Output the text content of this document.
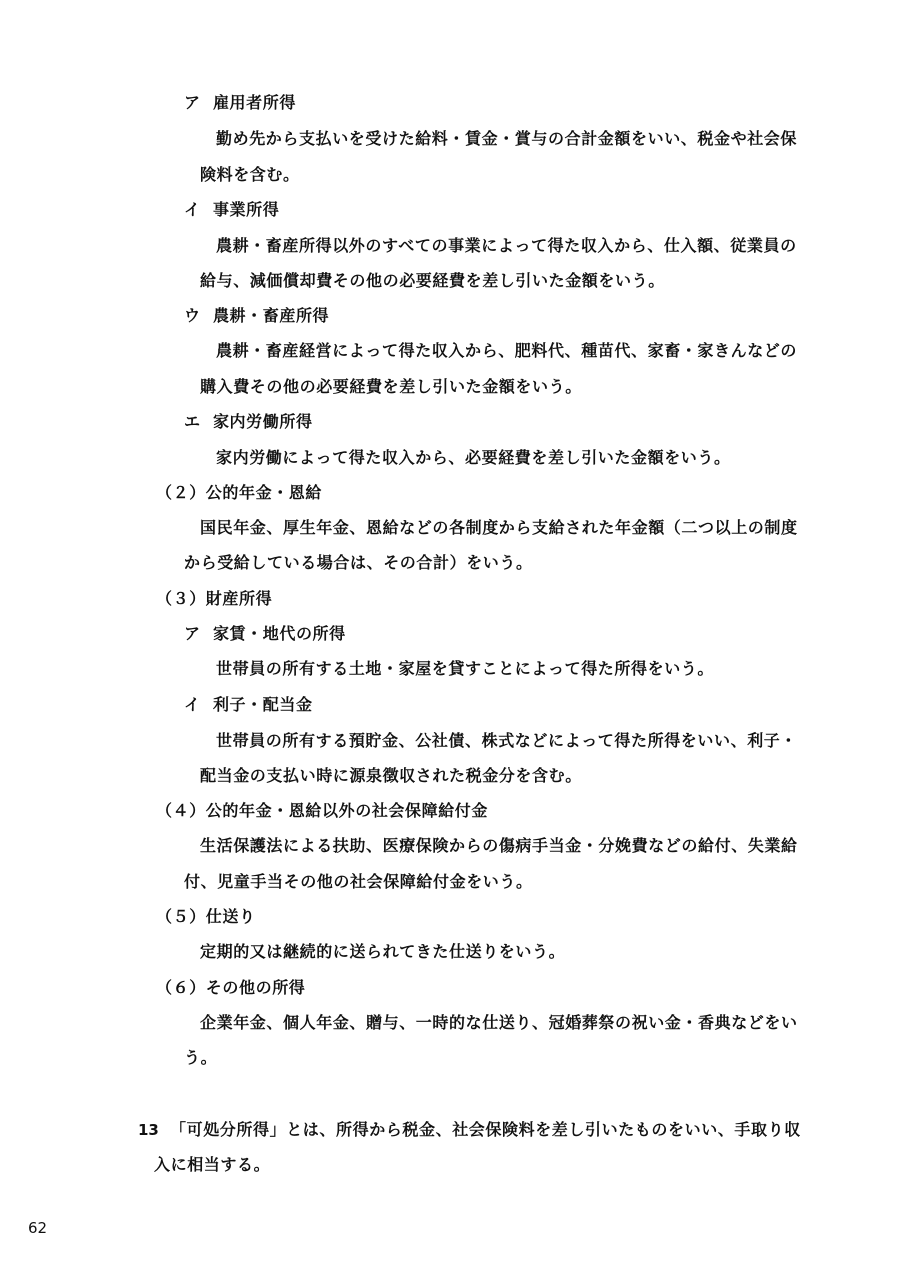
ア 雇用者所得
勤め先から支払いを受けた給料・賃金・賞与の合計金額をいい、税金や社会保
険料を含む。
イ 事業所得
農耕・畜産所得以外のすべての事業によって得た収入から、仕入額、従業員の
給与、減価償却費その他の必要経費を差し引いた金額をいう。
ウ 農耕・畜産所得
農耕・畜産経営によって得た収入から、肥料代、種苗代、家畜・家きんなどの
購入費その他の必要経費を差し引いた金額をいう。
エ 家内労働所得
家内労働によって得た収入から、必要経費を差し引いた金額をいう。
（２）公的年金・恩給
国民年金、厚生年金、恩給などの各制度から支給された年金額（二つ以上の制度
から受給している場合は、その合計）をいう。
（３）財産所得
ア 家賃・地代の所得
世帯員の所有する土地・家屋を貸すことによって得た所得をいう。
イ 利子・配当金
世帯員の所有する預貯金、公社債、株式などによって得た所得をいい、利子・
配当金の支払い時に源泉徴収された税金分を含む。
（４）公的年金・恩給以外の社会保障給付金
生活保護法による扶助、医療保険からの傷病手当金・分娩費などの給付、失業給
付、児童手当その他の社会保障給付金をいう。
（５）仕送り
定期的又は継続的に送られてきた仕送りをいう。
（６）その他の所得
企業年金、個人年金、贈与、一時的な仕送り、冠婚葬祭の祝い金・香典などをい
う。
13 「可処分所得」とは、所得から税金、社会保険料を差し引いたものをいい、手取り収
入に相当する。
62
